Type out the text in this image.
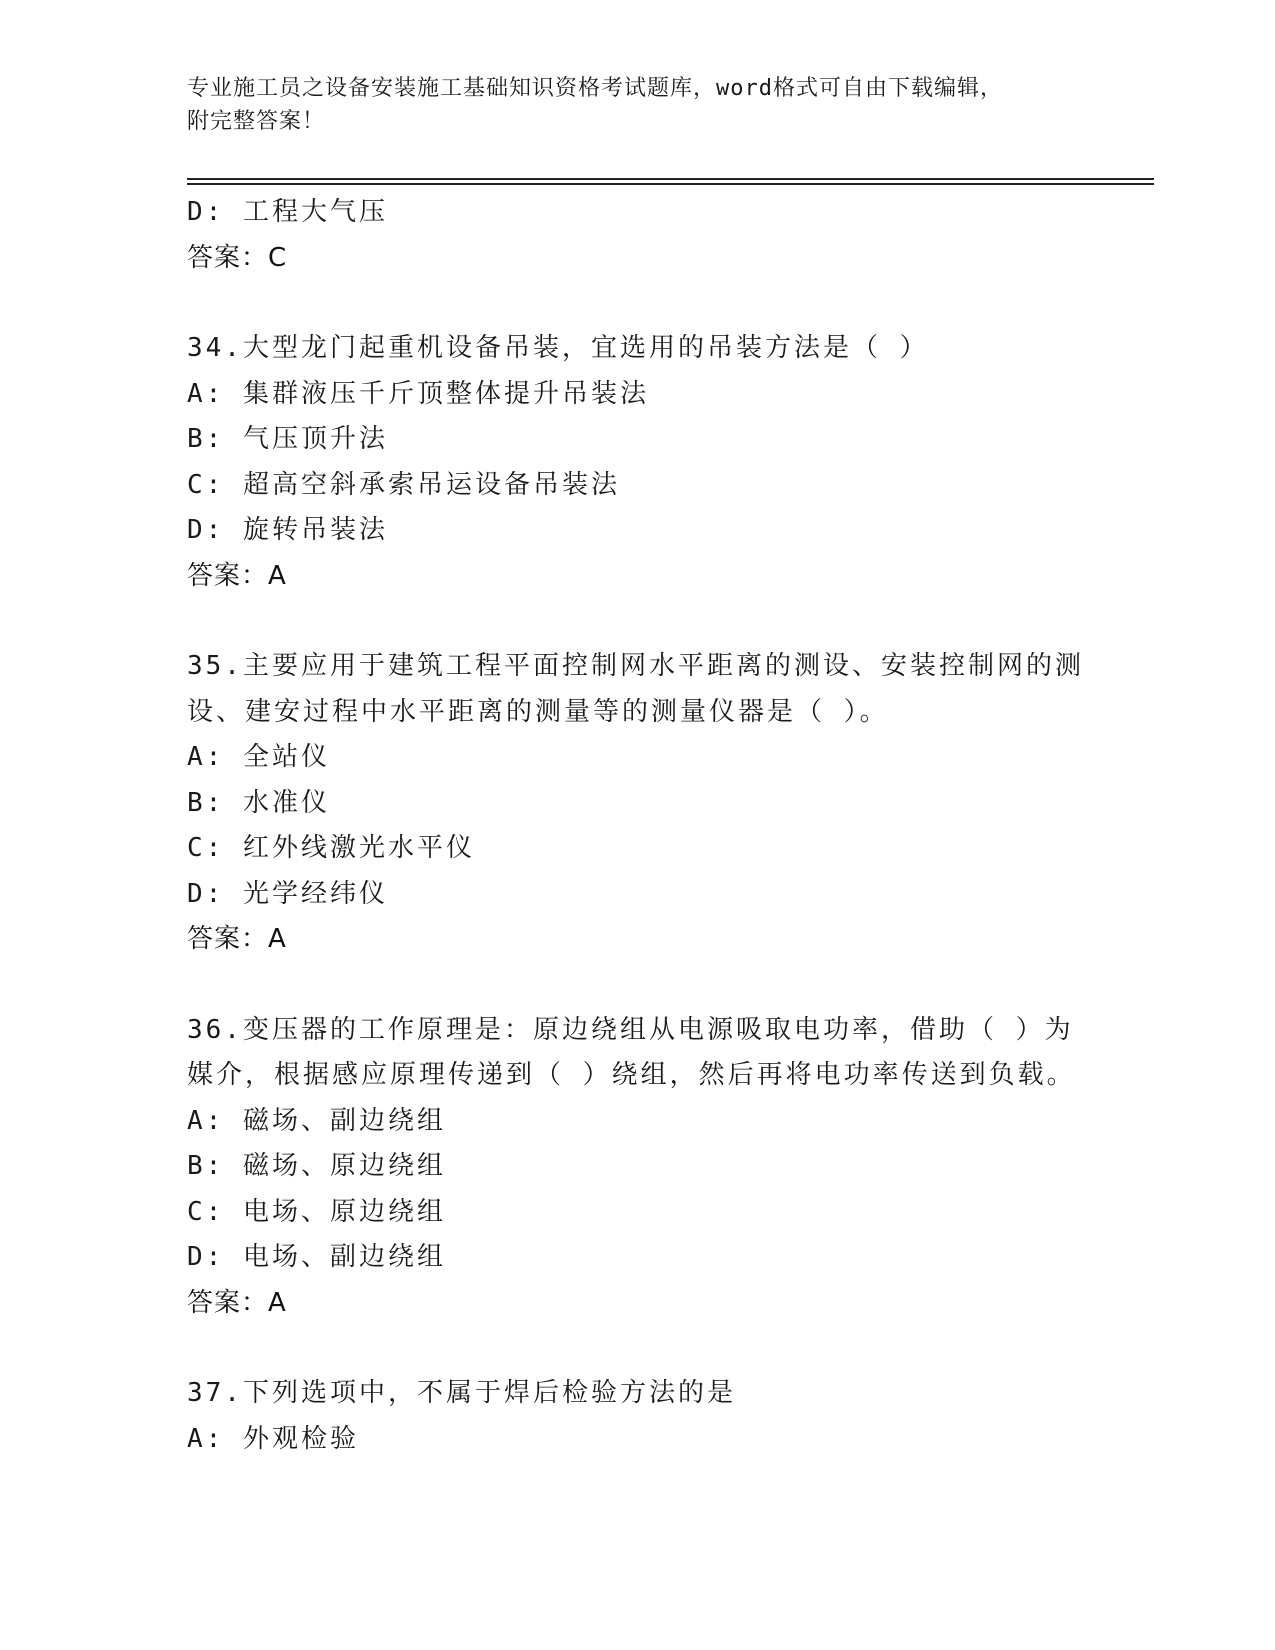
专业施工员之设备安装施工基础知识资格考试题库，word格式可自由下载编辑，
附完整答案！
D: 工程大气压
答案：C
34.大型龙门起重机设备吊装，宜选用的吊装方法是（ ）
A: 集群液压千斤顶整体提升吊装法
B: 气压顶升法
C: 超高空斜承索吊运设备吊装法
D: 旋转吊装法
答案：A
35.主要应用于建筑工程平面控制网水平距离的测设、安装控制网的测
设、建安过程中水平距离的测量等的测量仪器是（ ）。
A: 全站仪
B: 水准仪
C: 红外线激光水平仪
D: 光学经纬仪
答案：A
36.变压器的工作原理是：原边绕组从电源吸取电功率，借助（ ）为
媒介，根据感应原理传递到（ ）绕组，然后再将电功率传送到负载。
A: 磁场、副边绕组
B: 磁场、原边绕组
C: 电场、原边绕组
D: 电场、副边绕组
答案：A
37.下列选项中，不属于焊后检验方法的是
A: 外观检验
